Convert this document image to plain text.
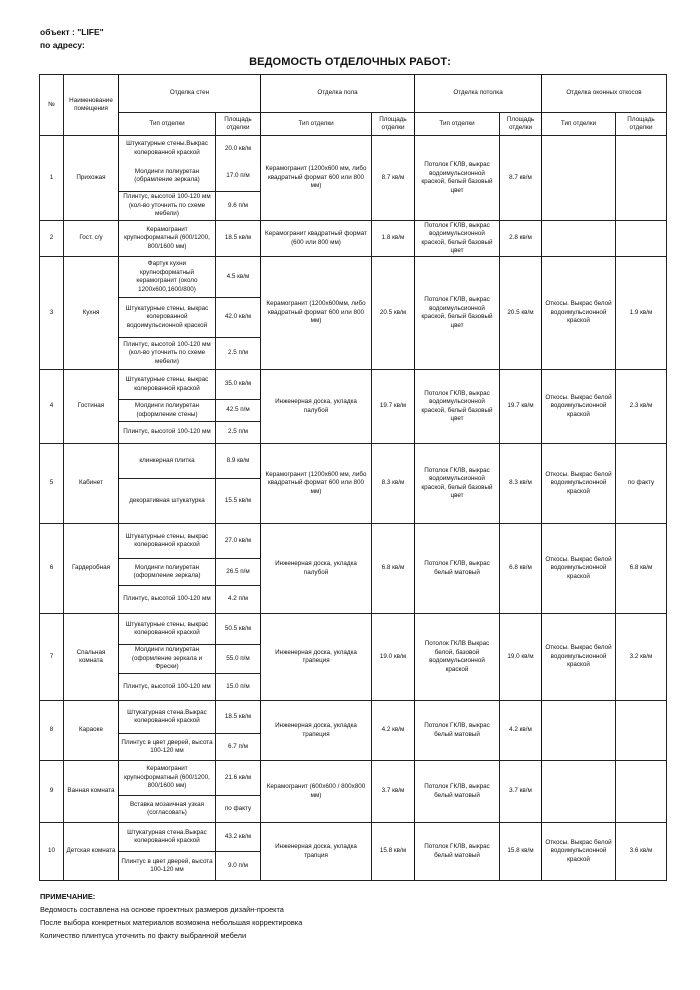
объект : "LIFE"
по адресу:
ВЕДОМОСТЬ ОТДЕЛОЧНЫХ РАБОТ:
№	Наименование помещения	Отделка стен		Отделка пола		Отделка потолка		Отделка оконных откосов	
		Тип отделки	Площадь отделки	Тип отделки	Площадь отделки	Тип отделки	Площадь отделки	Тип отделки	Площадь отделки
1	Прихожая	Штукатурные стены.Выкрас колерованной краской	20.0 кв/м	Керамогранит (1200х600 мм, либо квадратный формат 600 или 800 мм)	8.7 кв/м	Потолок ГКЛВ, выкрас водоимульсионной краской, белый базовый цвет	8.7 кв/м		
		Молдинги полиуретан (обрамление зеркала)	17.0 п/м						
		Плинтус, высотой 100-120 мм (кол-во уточнить по схеме мебели)	9.6 п/м						
2	Гост. с/у	Керамогранит крупноформатный (600/1200, 800/1600 мм)	18.5 кв/м	Керамогранит квадратный формат (600 или 800 мм)	1.8 кв/м	Потолок ГКЛВ, выкрас водоимульсионной краской, белый базовый цвет	2.8 кв/м		
3	Кухня	Фартук кухни крупноформатный керамогранит (около 1200х600,1600/800)	4.5 кв/м	Керамогранит (1200х600мм, либо квадратный формат 600 или 800 мм)	20.5 кв/м	Потолок ГКЛВ, выкрас водоимульсионной краской, белый базовый цвет	20.5 кв/м	Откосы. Выкрас белой водоимульсионной краской	1.9 кв/м
		Штукатурные стены, выкрас колерованной водоимульсионной краской	42.0 кв/м						
		Плинтус, высотой 100-120 мм (кол-во уточнить по схеме мебели)	2.5 п/м						
4	Гостиная	Штукатурные стены, выкрас колерованной краской	35.0 кв/м	Инженерная доска, укладка палубой	19.7 кв/м	Потолок ГКЛВ, выкрас водоимульсионной краской, белый базовый цвет	19.7 кв/м	Откосы. Выкрас белой водоимульсионной краской	2.3 кв/м
		Молдинги полиуретан (оформление стены)	42.5 п/м						
		Плинтус, высотой 100-120 мм	2.5 п/м						
5	Кабинет	клинкерная плитка	8.9 кв/м	Керамогранит (1200х600 мм, либо квадратный формат 600 или 800 мм)	8.3 кв/м	Потолок ГКЛВ, выкрас водоимульсионной краской, белый базовый цвет	8.3 кв/м	Откосы. Выкрас белой водоимульсионной краской	по факту
		декоративная штукатурка	15.5 кв/м						
6	Гардеробная	Штукатурные стены, выкрас колерованной краской	27.0 кв/м	Инженерная доска, укладка палубой	6.8 кв/м	Потолок ГКЛВ, выкрас белый матовый	6.8 кв/м	Откосы. Выкрас белой водоимульсионной краской	6.8 кв/м
		Молдинги полиуретан (оформление зеркала)	26.5 п/м						
		Плинтус, высотой 100-120 мм	4.2 п/м						
7	Спальная комната	Штукатурные стены, выкрас колерованной краской	50.5 кв/м	Инженерная доска, укладка трапеция	19.0 кв/м	Потолок ГКЛВ Выкрас белой, базовой водоимульсионной краской	19.0 кв/м	Откосы. Выкрас белой водоимульсионной краской	3.2 кв/м
		Молдинги полиуретан (оформление зеркала и Фрески)	55.0 п/м						
		Плинтус, высотой 100-120 мм	15.0 п/м						
8	Караоке	Штукатурная стена.Выкрас колерованной краской	18.5 кв/м	Инженерная доска, укладка трапеция	4.2 кв/м	Потолок ГКЛВ, выкрас белый матовый	4.2 кв/м		
		Плинтус в цвет дверей, высота 100-120 мм	6.7 п/м						
9	Ванная комната	Керамогранит крупноформатный (600/1200, 800/1600 мм)	21.6 кв/м	Керамогранит (600х600 / 800х800 мм)	3.7 кв/м	Потолок ГКЛВ, выкрас белый матовый	3.7 кв/м		
		Вставка мозаичная узкая (согласовать)	по факту						
10	Детская комната	Штукатурная стена.Выкрас колерованной краской	43.2 кв/м	Инженерная доска, укладка трапция	15.8 кв/м	Потолок ГКЛВ, выкрас белый матовый	15.8 кв/м	Откосы. Выкрас белой водоимульсионной краской	3.6 кв/м
		Плинтус в цвет дверей, высота 100-120 мм	9.0 п/м						
ПРИМЕЧАНИЕ:
Ведомость составлена на основе проектных размеров дизайн-проекта
После выбора конкретных материалов возможна небольшая корректировка
Количество плинтуса уточнить по факту выбранной мебели
